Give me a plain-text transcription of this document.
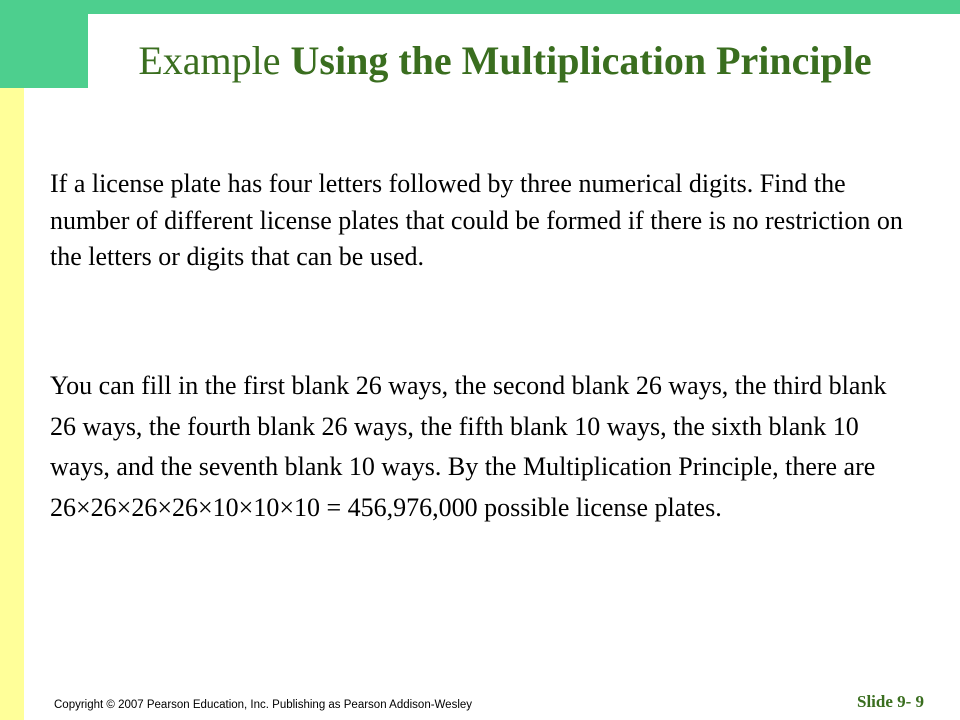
Example Using the Multiplication Principle
If a license plate has four letters followed by three numerical digits. Find the number of different license plates that could be formed if there is no restriction on the letters or digits that can be used.
You can fill in the first blank 26 ways, the second blank 26 ways, the third blank 26 ways, the fourth blank 26 ways, the fifth blank 10 ways, the sixth blank 10 ways, and the seventh blank 10 ways. By the Multiplication Principle, there are 26×26×26×26×10×10×10 = 456,976,000 possible license plates.
Copyright © 2007 Pearson Education, Inc. Publishing as Pearson Addison-Wesley	Slide 9- 9
